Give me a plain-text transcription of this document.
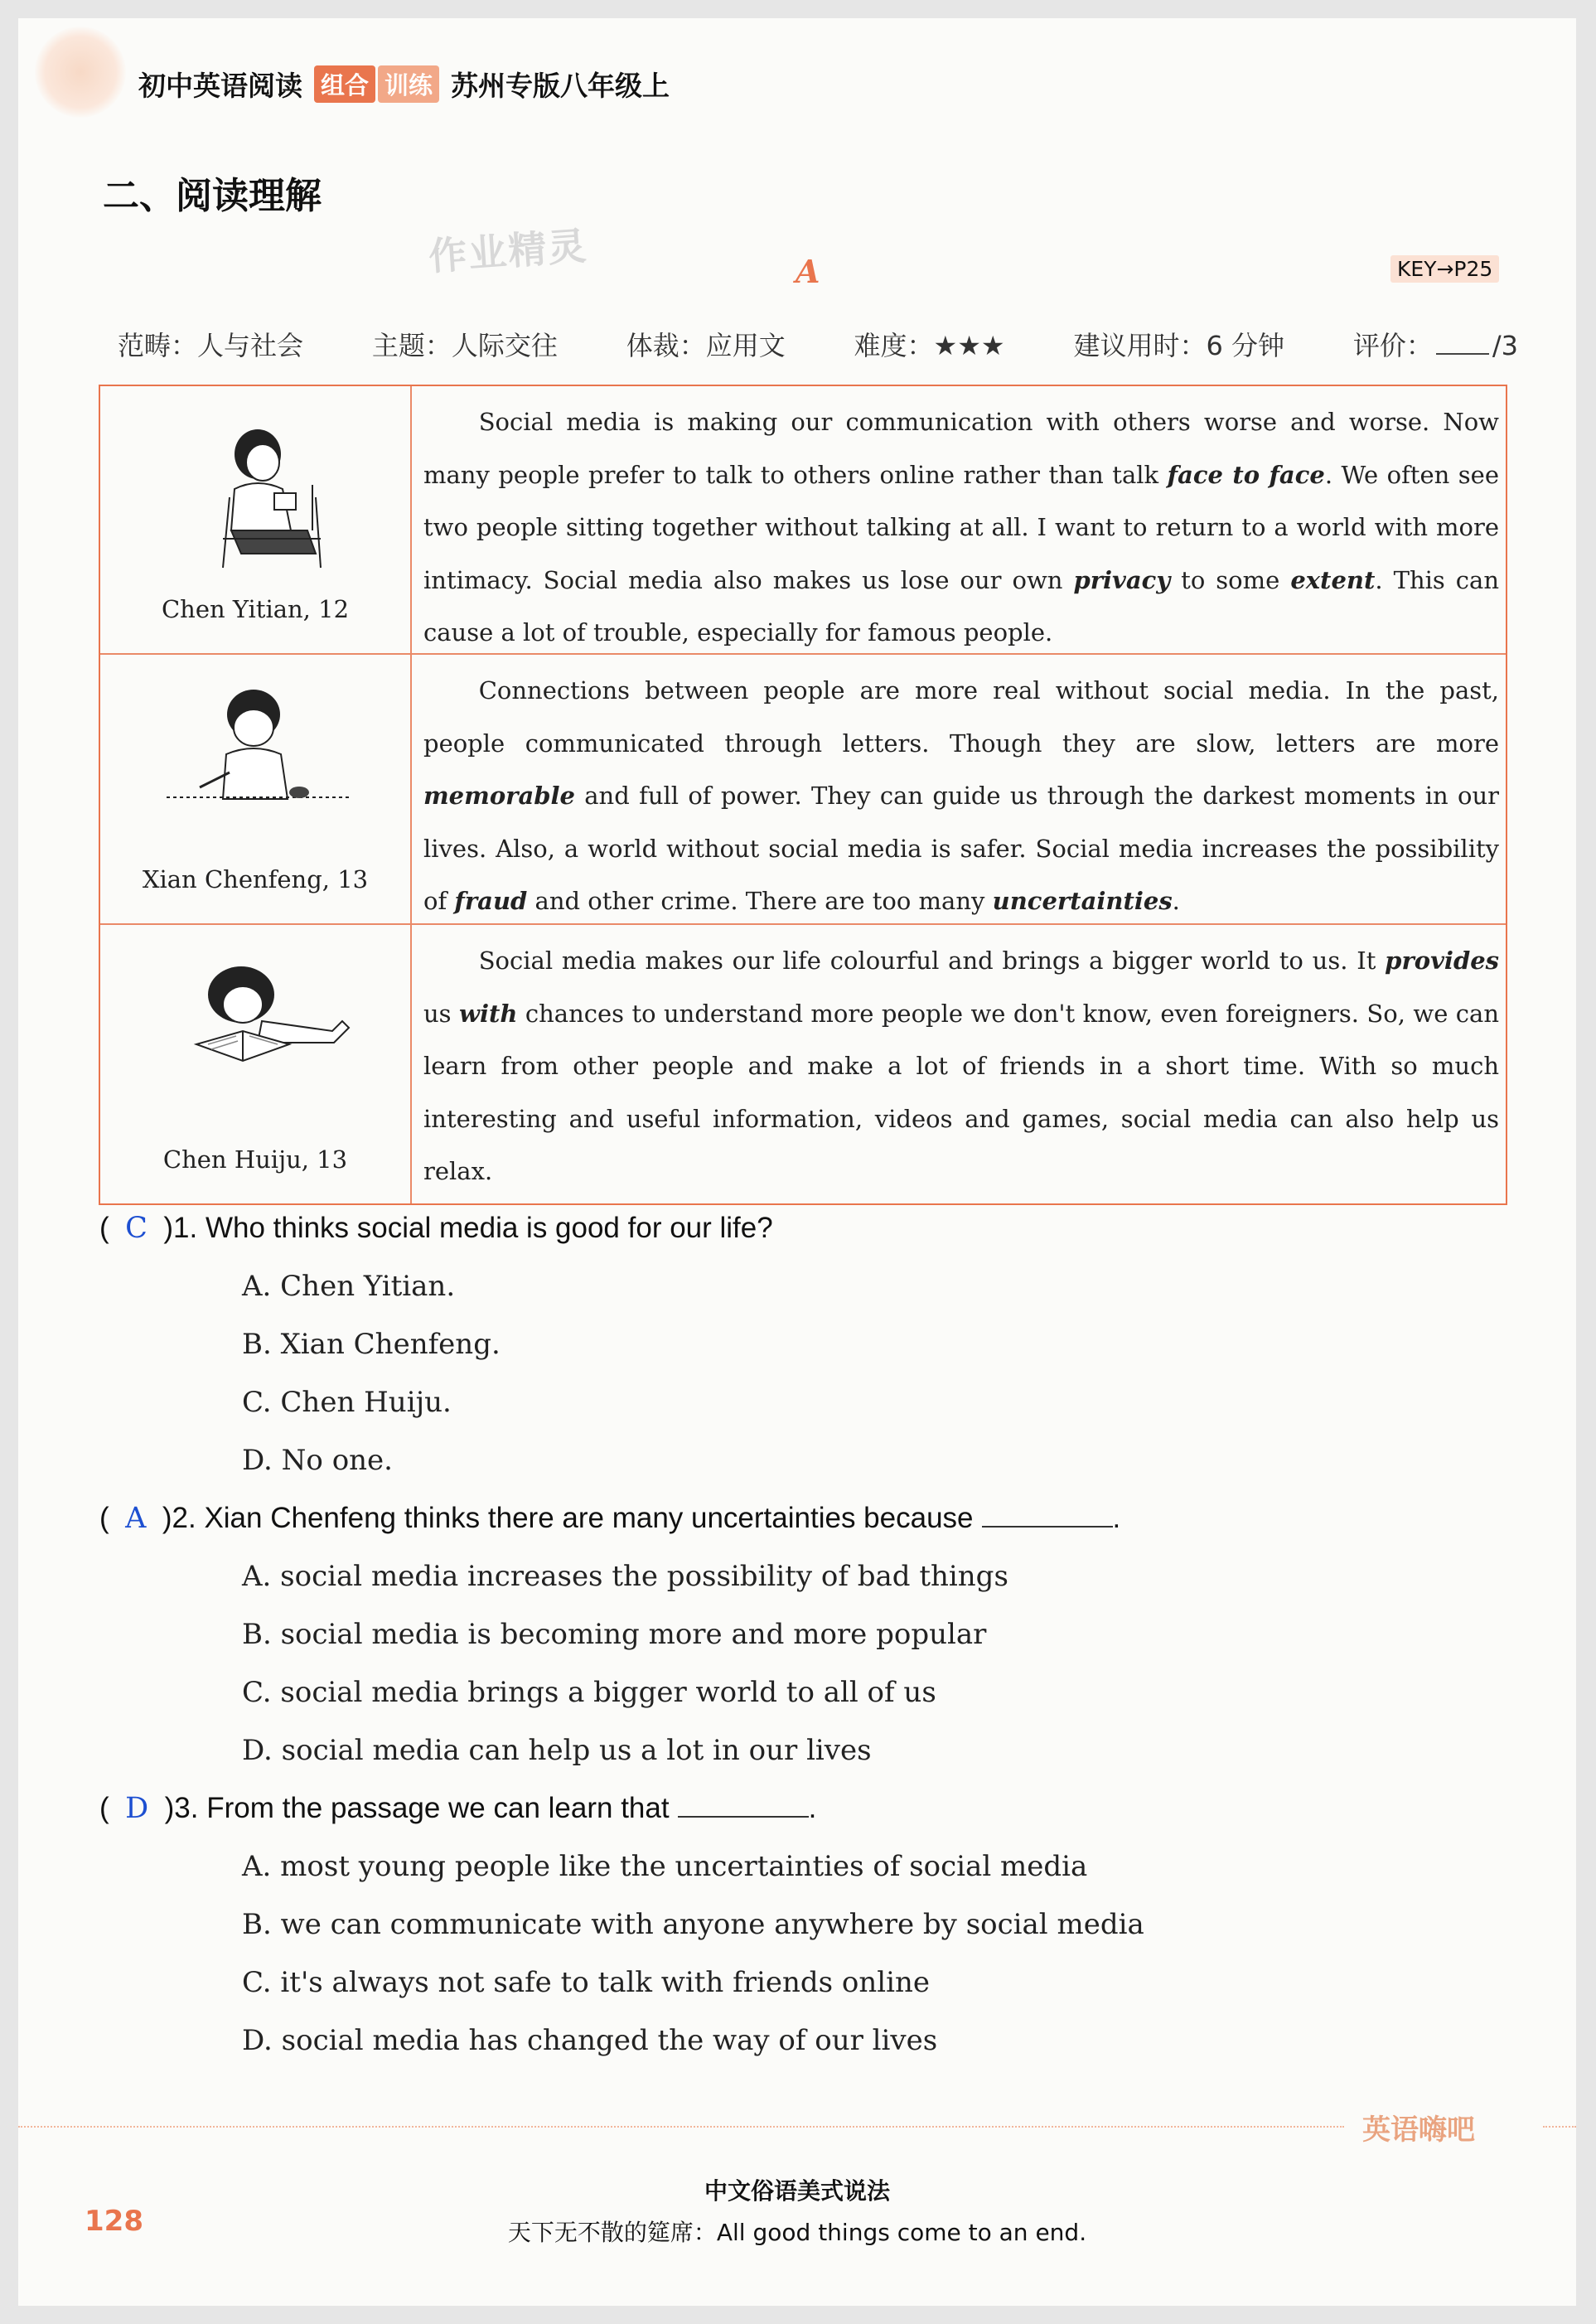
初中英语阅读 组合 训练 苏州专版八年级上
二、阅读理解
作业精灵	A	KEY→P25
范畴：人与社会	主题：人际交往	体裁：应用文	难度：★★★	建议用时：6 分钟	评价： /3
Chen Yitian, 12

Social media is making our communication with others worse and worse. Now many people prefer to talk to others online rather than talk face to face. We often see two people sitting together without talking at all. I want to return to a world with more intimacy. Social media also makes us lose our own privacy to some extent. This can cause a lot of trouble, especially for famous people.

Xian Chenfeng, 13

Connections between people are more real without social media. In the past, people communicated through letters. Though they are slow, letters are more memorable and full of power. They can guide us through the darkest moments in our lives. Also, a world without social media is safer. Social media increases the possibility of fraud and other crime. There are too many uncertainties.

Chen Huiju, 13

Social media makes our life colourful and brings a bigger world to us. It provides us with chances to understand more people we don't know, even foreigners. So, we can learn from other people and make a lot of friends in a short time. With so much interesting and useful information, videos and games, social media can also help us relax.

(  C  )1. Who thinks social media is good for our life?
A. Chen Yitian.
B. Xian Chenfeng.
C. Chen Huiju.
D. No one.
(  A  )2. Xian Chenfeng thinks there are many uncertainties because	.
A. social media increases the possibility of bad things
B. social media is becoming more and more popular
C. social media brings a bigger world to all of us
D. social media can help us a lot in our lives
(  D  )3. From the passage we can learn that	.
A. most young people like the uncertainties of social media
B. we can communicate with anyone anywhere by social media
C. it's always not safe to talk with friends online
D. social media has changed the way of our lives
英语嗨吧
中文俗语美式说法
128	天下无不散的筵席：All good things come to an end.
